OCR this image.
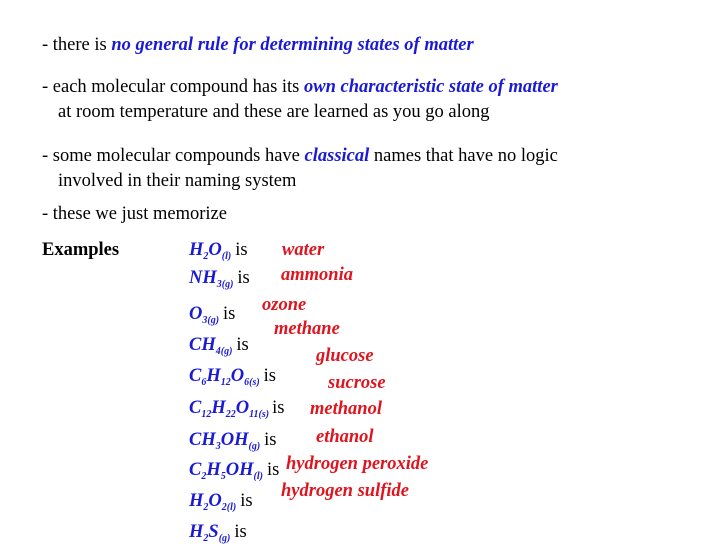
- there is no general rule for determining states of matter
- each molecular compound has its own characteristic state of matter
at room temperature and these are learned as you go along
- some molecular compounds have classical names that have no logic
involved in their naming system
- these we just memorize
Examples	$H_2O_{(l)}$ is
$NH_{3(g)}$ is
$O_{3(g)}$ is
$CH_{4(g)}$ is
$C_6H_{12}O_{6(s)}$ is
$C_{12}H_{22}O_{11(s)}$ is
$CH_3OH_{(g)}$ is
$C_2H_5OH_{(l)}$ is
$H_2O_{2(l)}$ is
$H_2S_{(g)}$ is
water
ammonia
ozone
methane
glucose
sucrose
methanol
ethanol
hydrogen peroxide
hydrogen sulfide
